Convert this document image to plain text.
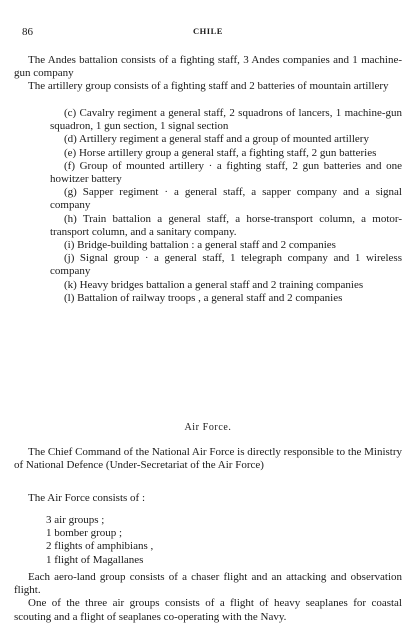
86	CHILE

The Andes battalion consists of a fighting staff, 3 Andes companies and 1 machine-gun company

The artillery group consists of a fighting staff and 2 batteries of mountain artillery

(c) Cavalry regiment a general staff, 2 squadrons of lancers, 1 machine-gun squadron, 1 gun section, 1 signal section

(d) Artillery regiment a general staff and a group of mounted artillery

(e) Horse artillery group a general staff, a fighting staff, 2 gun batteries

(f) Group of mounted artillery · a fighting staff, 2 gun batteries and one howitzer battery

(g) Sapper regiment · a general staff, a sapper company and a signal company

(h) Train battalion a general staff, a horse-transport column, a motor-transport column, and a sanitary company.

(i) Bridge-building battalion : a general staff and 2 companies

(j) Signal group · a general staff, 1 telegraph company and 1 wireless company

(k) Heavy bridges battalion a general staff and 2 training companies

(l) Battalion of railway troops , a general staff and 2 companies

Air Force.

The Chief Command of the National Air Force is directly responsible to the Ministry of National Defence (Under-Secretariat of the Air Force)

The Air Force consists of :

3 air groups ;
1 bomber group ;
2 flights of amphibians ,
1 flight of Magallanes

Each aero-land group consists of a chaser flight and an attacking and observation flight.

One of the three air groups consists of a flight of heavy seaplanes for coastal scouting and a flight of seaplanes co-operating with the Navy.
